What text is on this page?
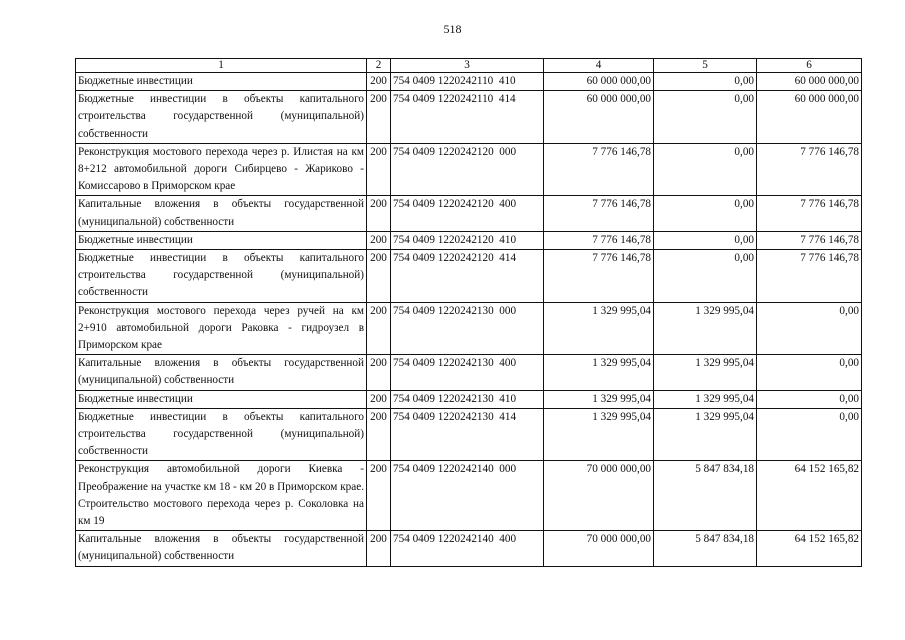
518
1	2	3	4	5	6
Бюджетные инвестиции	200	754 0409 1220242110  410	60 000 000,00	0,00	60 000 000,00
Бюджетные инвестиции в объекты капитального строительства государственной (муниципальной) собственности	200	754 0409 1220242110  414	60 000 000,00	0,00	60 000 000,00
Реконструкция мостового перехода через р. Илистая на км 8+212 автомобильной дороги Сибирцево - Жариково - Комиссарово в Приморском крае	200	754 0409 1220242120  000	7 776 146,78	0,00	7 776 146,78
Капитальные вложения в объекты государственной (муниципальной) собственности	200	754 0409 1220242120  400	7 776 146,78	0,00	7 776 146,78
Бюджетные инвестиции	200	754 0409 1220242120  410	7 776 146,78	0,00	7 776 146,78
Бюджетные инвестиции в объекты капитального строительства государственной (муниципальной) собственности	200	754 0409 1220242120  414	7 776 146,78	0,00	7 776 146,78
Реконструкция мостового перехода через ручей на км 2+910 автомобильной дороги Раковка - гидроузел в Приморском крае	200	754 0409 1220242130  000	1 329 995,04	1 329 995,04	0,00
Капитальные вложения в объекты государственной (муниципальной) собственности	200	754 0409 1220242130  400	1 329 995,04	1 329 995,04	0,00
Бюджетные инвестиции	200	754 0409 1220242130  410	1 329 995,04	1 329 995,04	0,00
Бюджетные инвестиции в объекты капитального строительства государственной (муниципальной) собственности	200	754 0409 1220242130  414	1 329 995,04	1 329 995,04	0,00
Реконструкция автомобильной дороги Киевка - Преображение на участке км 18 - км 20 в Приморском крае. Строительство мостового перехода через р. Соколовка на км 19	200	754 0409 1220242140  000	70 000 000,00	5 847 834,18	64 152 165,82
Капитальные вложения в объекты государственной (муниципальной) собственности	200	754 0409 1220242140  400	70 000 000,00	5 847 834,18	64 152 165,82
